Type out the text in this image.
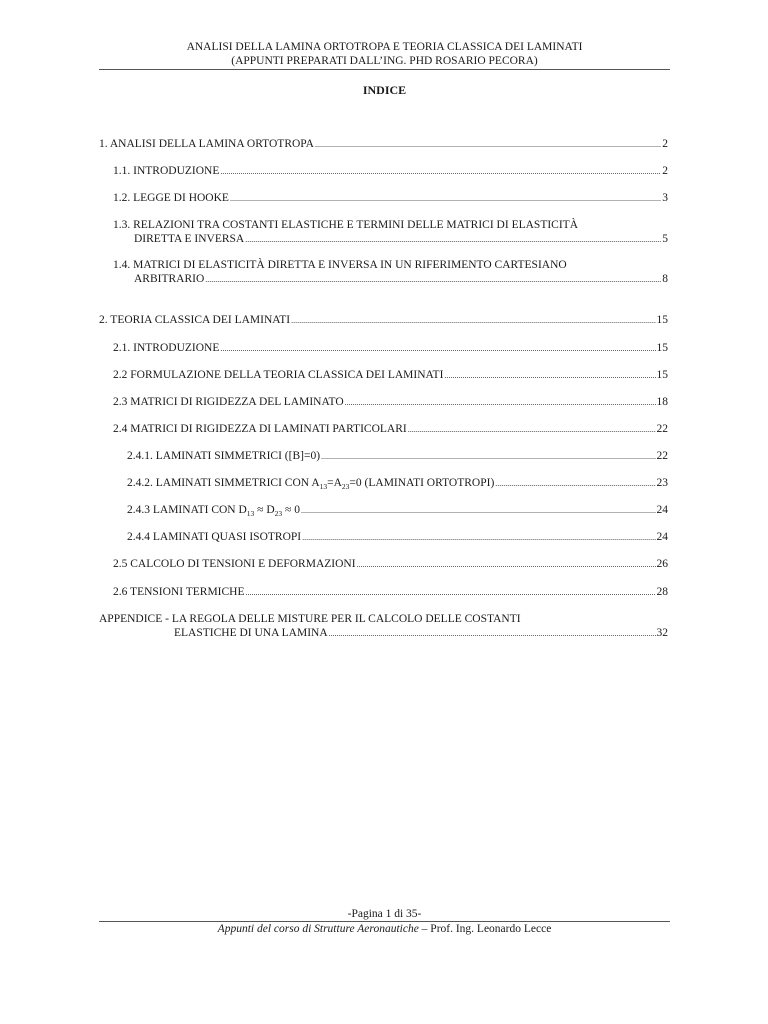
ANALISI DELLA LAMINA ORTOTROPA E TEORIA CLASSICA DEI LAMINATI
(APPUNTI PREPARATI DALL’ING. PHD ROSARIO PECORA)
INDICE
1. ANALISI DELLA LAMINA ORTOTROPA .....	2
1.1. INTRODUZIONE .....	2
1.2. LEGGE DI HOOKE .....	3
1.3. RELAZIONI TRA COSTANTI ELASTICHE E TERMINI DELLE MATRICI DI ELASTICITÀ
DIRETTA E INVERSA .....	5
1.4. MATRICI DI ELASTICITÀ DIRETTA E INVERSA IN UN RIFERIMENTO CARTESIANO
ARBITRARIO .....	8
2. TEORIA CLASSICA DEI LAMINATI .....	15
2.1. INTRODUZIONE .....	15
2.2 FORMULAZIONE DELLA TEORIA CLASSICA DEI LAMINATI .....	15
2.3 MATRICI DI RIGIDEZZA DEL LAMINATO .....	18
2.4 MATRICI DI RIGIDEZZA DI LAMINATI PARTICOLARI .....	22
2.4.1. LAMINATI SIMMETRICI ([B]=0) .....	22
2.4.2. LAMINATI SIMMETRICI CON $A_{13}=A_{23}=0$ (LAMINATI ORTOTROPI) .....	23
2.4.3 LAMINATI CON $D_{13} \approx D_{23} \approx 0$ .....	24
2.4.4 LAMINATI QUASI ISOTROPI .....	24
2.5 CALCOLO DI TENSIONI E DEFORMAZIONI .....	26
2.6 TENSIONI TERMICHE .....	28
APPENDICE - LA REGOLA DELLE MISTURE PER IL CALCOLO DELLE COSTANTI
ELASTICHE DI UNA LAMINA .....	32
-Pagina 1 di 35-
Appunti del corso di Strutture Aeronautiche – Prof. Ing. Leonardo Lecce
